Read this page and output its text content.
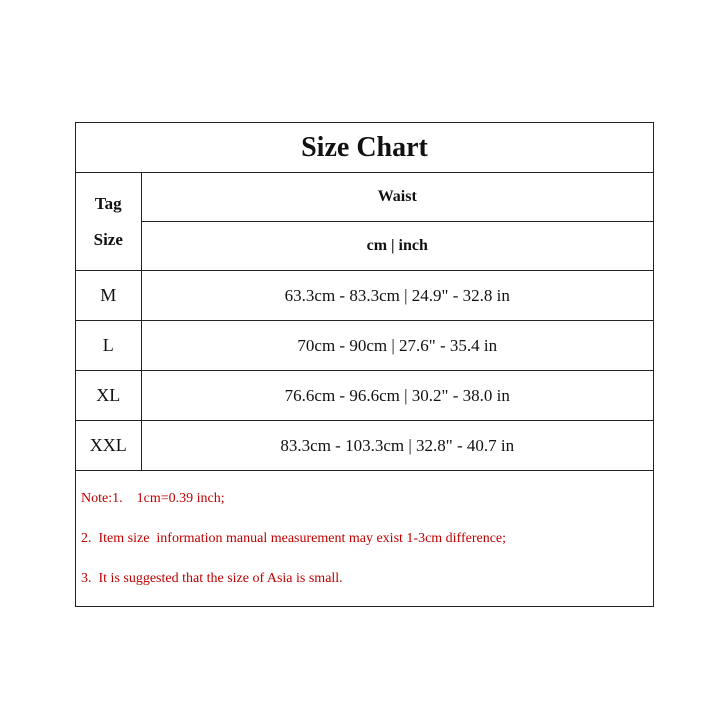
Size Chart
Tag
Size	Waist
	cm | inch
M	63.3cm - 83.3cm | 24.9" - 32.8 in
L	70cm - 90cm | 27.6" - 35.4 in
XL	76.6cm - 96.6cm | 30.2" - 38.0 in
XXL	83.3cm - 103.3cm | 32.8" - 40.7 in
Note:1.    1cm=0.39 inch;
2.  Item size  information manual measurement may exist 1-3cm difference;
3.  It is suggested that the size of Asia is small.
